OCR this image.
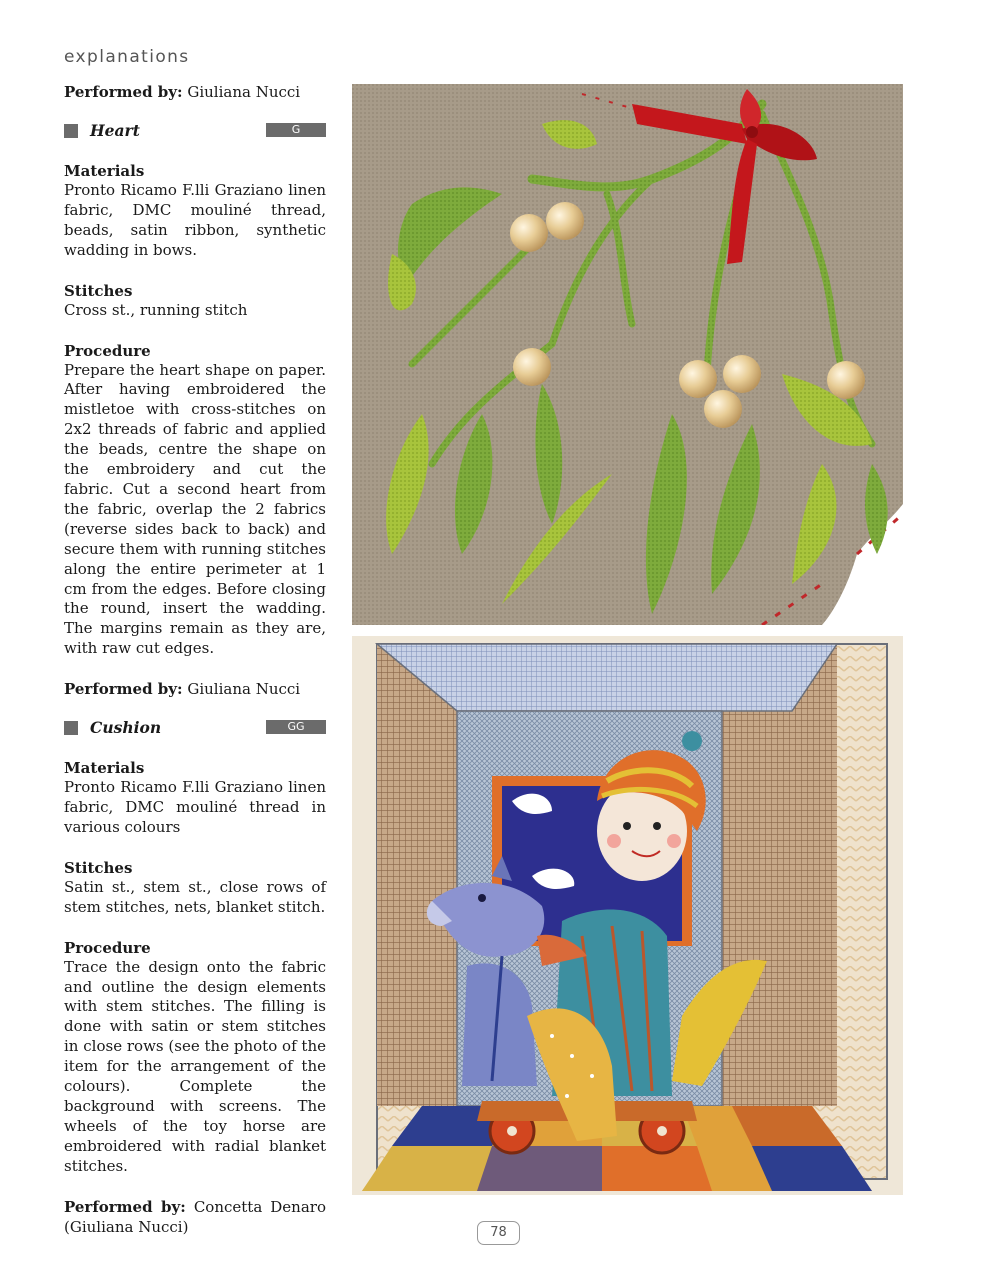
explanations

Performed by: Giuliana Nucci

Heart	G
Materials

Pronto Ricamo F.lli Graziano linen fabric, DMC mouliné thread, beads, satin ribbon, synthetic wadding in bows.

Stitches

Cross st., running stitch

Procedure

Prepare the heart shape on paper. After having embroidered the mistletoe with cross-stitches on 2x2 threads of fabric and applied the beads, centre the shape on the embroidery and cut the fabric. Cut a second heart from the fabric, overlap the 2 fabrics (reverse sides back to back) and secure them with running stitches along the entire perimeter at 1 cm from the edges. Before closing the round, insert the wadding. The margins remain as they are, with raw cut edges.

Performed by: Giuliana Nucci

Cushion	GG
Materials

Pronto Ricamo F.lli Graziano linen fabric, DMC mouliné thread in various colours

Stitches

Satin st., stem st., close rows of stem stitches, nets, blanket stitch.

Procedure

Trace the design onto the fabric and outline the design elements with stem stitches. The filling is done with satin or stem stitches in close rows (see the photo of the item for the arrangement of the colours). Complete the background with screens. The wheels of the toy horse are embroidered with radial blanket stitches.

Performed by: Concetta Denaro (Giuliana Nucci)	78
